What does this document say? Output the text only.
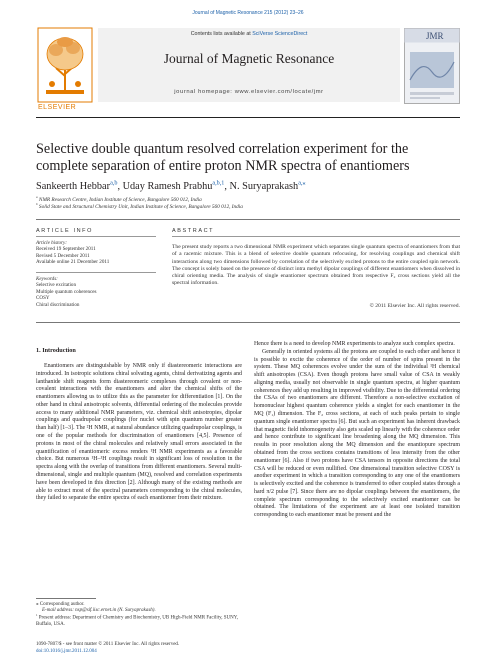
Journal of Magnetic Resonance 215 (2012) 23–26
ELSEVIER
Contents lists available at SciVerse ScienceDirect
Journal of Magnetic Resonance
journal homepage: www.elsevier.com/locate/jmr
JMR
Selective double quantum resolved correlation experiment for the complete separation of entire proton NMR spectra of enantiomers
Sankeerth Hebbar$^{a,b}$, Uday Ramesh Prabhu$^{a,b,1}$, N. Suryaprakash$^{a,⁎}$
$^a$ NMR Research Centre, Indian Institute of Science, Bangalore 560 012, India
$^b$ Solid State and Structural Chemistry Unit, Indian Institute of Science, Bangalore 560 012, India
ARTICLE INFO
Article history:
Received 19 September 2011
Revised 5 December 2011
Available online 21 December 2011
Keywords:
Selective excitation
Multiple quantum coherences
COSY
Chiral discrimination
ABSTRACT
The present study reports a two dimensional NMR experiment which separates single quantum spectra of enantiomers from that of a racemic mixture. This is a blend of selective double quantum refocusing, for resolving couplings and chemical shift interactions along two dimensions followed by correlation of the selectively excited protons to the entire coupled spin network. The concept is solely based on the presence of distinct intra methyl dipolar couplings of different enantiomers when dissolved in chiral orienting media. The analysis of single enantiomer spectrum obtained from respective F₂ cross sections yield all the spectral information.
© 2011 Elsevier Inc. All rights reserved.
1. Introduction

Enantiomers are distinguishable by NMR only if diastereomeric interactions are introduced. In isotropic solutions chiral solvating agents, chiral derivatizing agents and lanthanide shift reagents form diastereomeric complexes through covalent or non-covalent interactions with the enantiomers and alter the chemical shifts of the enantiomers allowing us to utilize this as the parameter for differentiation [1]. On the other hand in chiral anisotropic solvents, differential ordering of the molecules provide access to many additional NMR parameters, viz. chemical shift anisotropies, dipolar couplings and quadrupolar couplings (for nuclei with spin quantum number greater than half) [1–3]. The ²H NMR, at natural abundance utilizing quadrupolar couplings, is one of the popular methods for discrimination of enantiomers [4,5]. Presence of protons in most of the chiral molecules and relatively small errors associated in the quantification of enantiomeric excess renders ¹H NMR experiments as a favorable choice. But numerous ¹H–¹H couplings result in significant loss of resolution in the spectra along with the overlap of transitions from different enantiomers. Several multi-dimensional, single and multiple quantum (MQ), resolved and correlation experiments have been developed in this direction [2]. Although many of the existing methods are able to extract most of the spectral parameters corresponding to the chiral molecules, they failed to separate the entire spectra of each enantiomer from their mixture.

Hence there is a need to develop NMR experiments to analyze such complex spectra.

Generally in oriented systems all the protons are coupled to each other and hence it is possible to excite the coherence of the order of number of spins present in the system. These MQ coherences evolve under the sum of the individual ¹H chemical shift anisotropies (CSA). Even though protons have small value of CSA in weakly aligning media, usually not observable in single quantum spectra, at higher quantum coherences they add up resulting in improved visibility. Due to the differential ordering the CSAs of two enantiomers are different. Therefore a non-selective excitation of homonuclear highest quantum coherence yields a singlet for each enantiomer in the MQ (F₁) dimension. The F₂ cross sections, at each of such peaks pertain to single quantum single enantiomer spectra [6]. But such an experiment has inherent drawback that magnetic field inhomogeneity also gets scaled up linearly with the coherence order and hence contribute to significant line broadening along the MQ dimension. This results in poor resolution along the MQ dimension and the enantiopure spectrum obtained from the cross sections contains transitions of less intensity from the other enantiomer [6]. Also if two protons have CSA tensors in opposite directions the total CSA will be reduced or even nullified. One dimensional transition selective COSY is another experiment in which a transition corresponding to any one of the enantiomers is selectively excited and the coherence is transferred to other coupled states through a hard π/2 pulse [7]. Since there are no dipolar couplings between the enantiomers, the complete spectrum corresponding to the selectively excited enantiomer can be obtained. The limitations of the experiment are at least one isolated transition corresponding to each enantiomer must be present and the

⁎ Corresponding author.
E-mail address: nsp@sif.iisc.ernet.in (N. Suryaprakash).
$^1$ Present address: Department of Chemistry and Biochemistry, UB High-Field NMR Facility, SUNY, Buffalo, USA.
1090-7807/$ - see front matter © 2011 Elsevier Inc. All rights reserved.
doi:10.1016/j.jmr.2011.12.004
